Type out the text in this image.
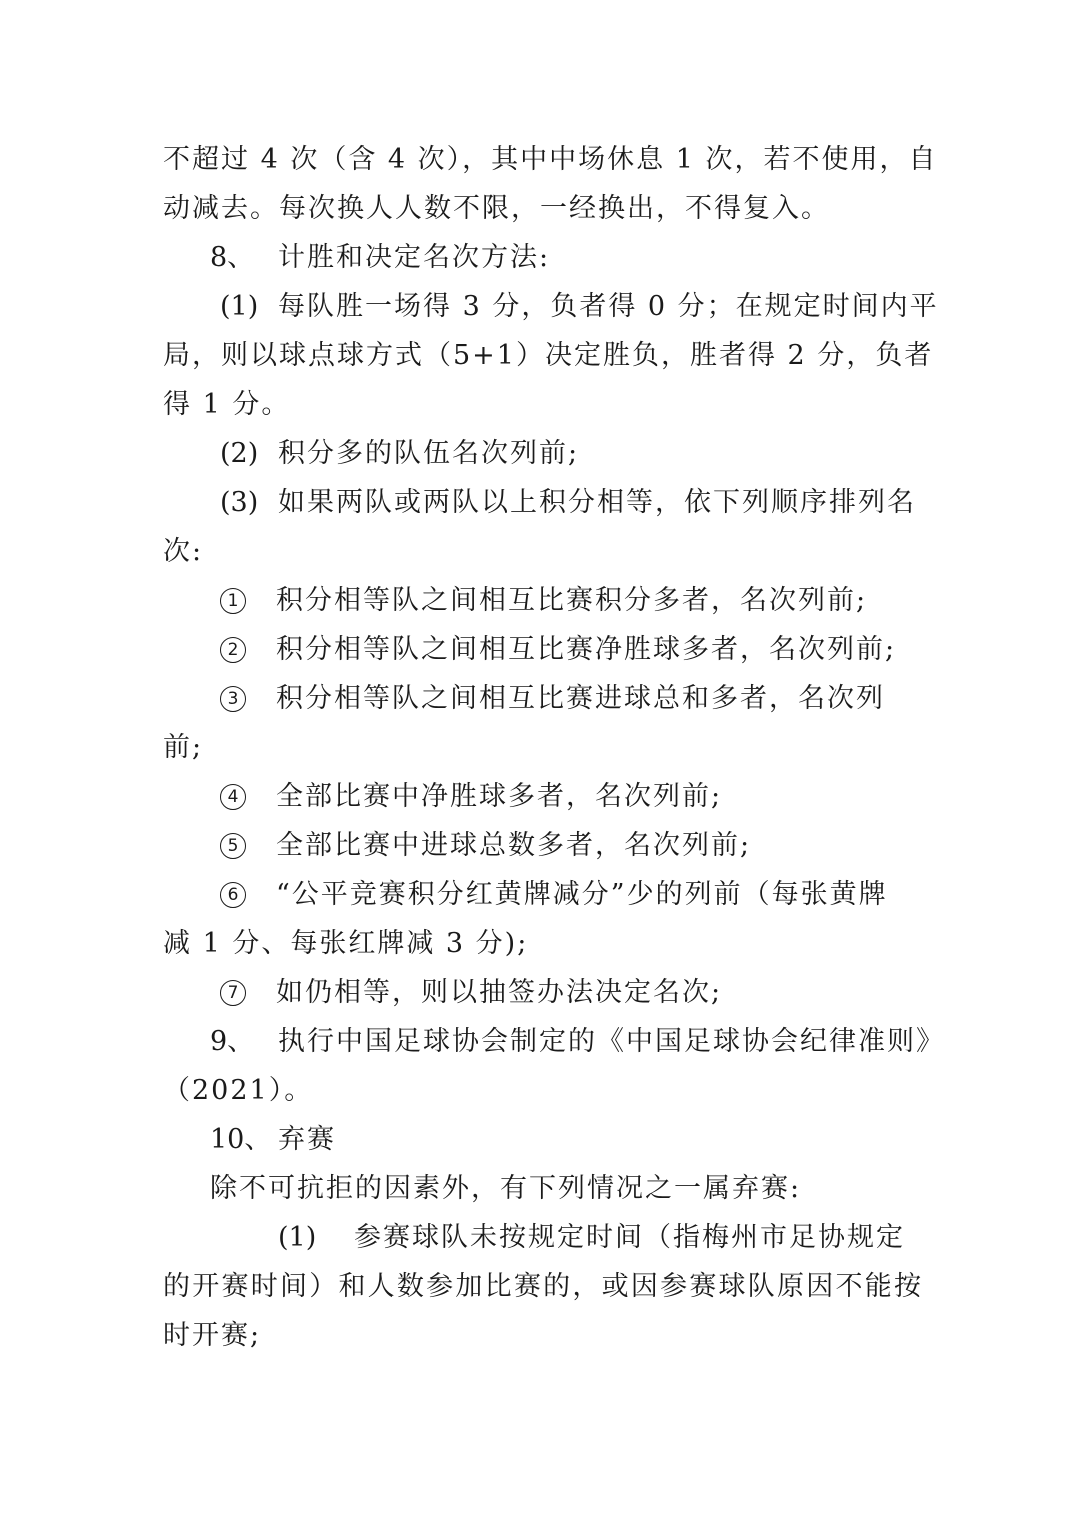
不超过 4 次（含 4 次），其中中场休息 1 次，若不使用，自
动减去。每次换人人数不限，一经换出，不得复入。
8、 计胜和决定名次方法:
(1) 每队胜一场得 3 分，负者得 0 分；在规定时间内平
局，则以球点球方式（5+1）决定胜负，胜者得 2 分，负者
得 1 分。
(2) 积分多的队伍名次列前;
(3) 如果两队或两队以上积分相等，依下列顺序排列名
次:
1 积分相等队之间相互比赛积分多者，名次列前;
2 积分相等队之间相互比赛净胜球多者，名次列前;
3 积分相等队之间相互比赛进球总和多者，名次列
前;
4 全部比赛中净胜球多者，名次列前;
5 全部比赛中进球总数多者，名次列前;
6 “公平竞赛积分红黄牌减分”少的列前（每张黄牌
减 1 分、每张红牌减 3 分);
7 如仍相等，则以抽签办法决定名次;
9、 执行中国足球协会制定的《中国足球协会纪律准则》
（2021）。
10、 弃赛
除不可抗拒的因素外，有下列情况之一属弃赛:
(1) 参赛球队未按规定时间（指梅州市足协规定
的开赛时间）和人数参加比赛的，或因参赛球队原因不能按
时开赛;
